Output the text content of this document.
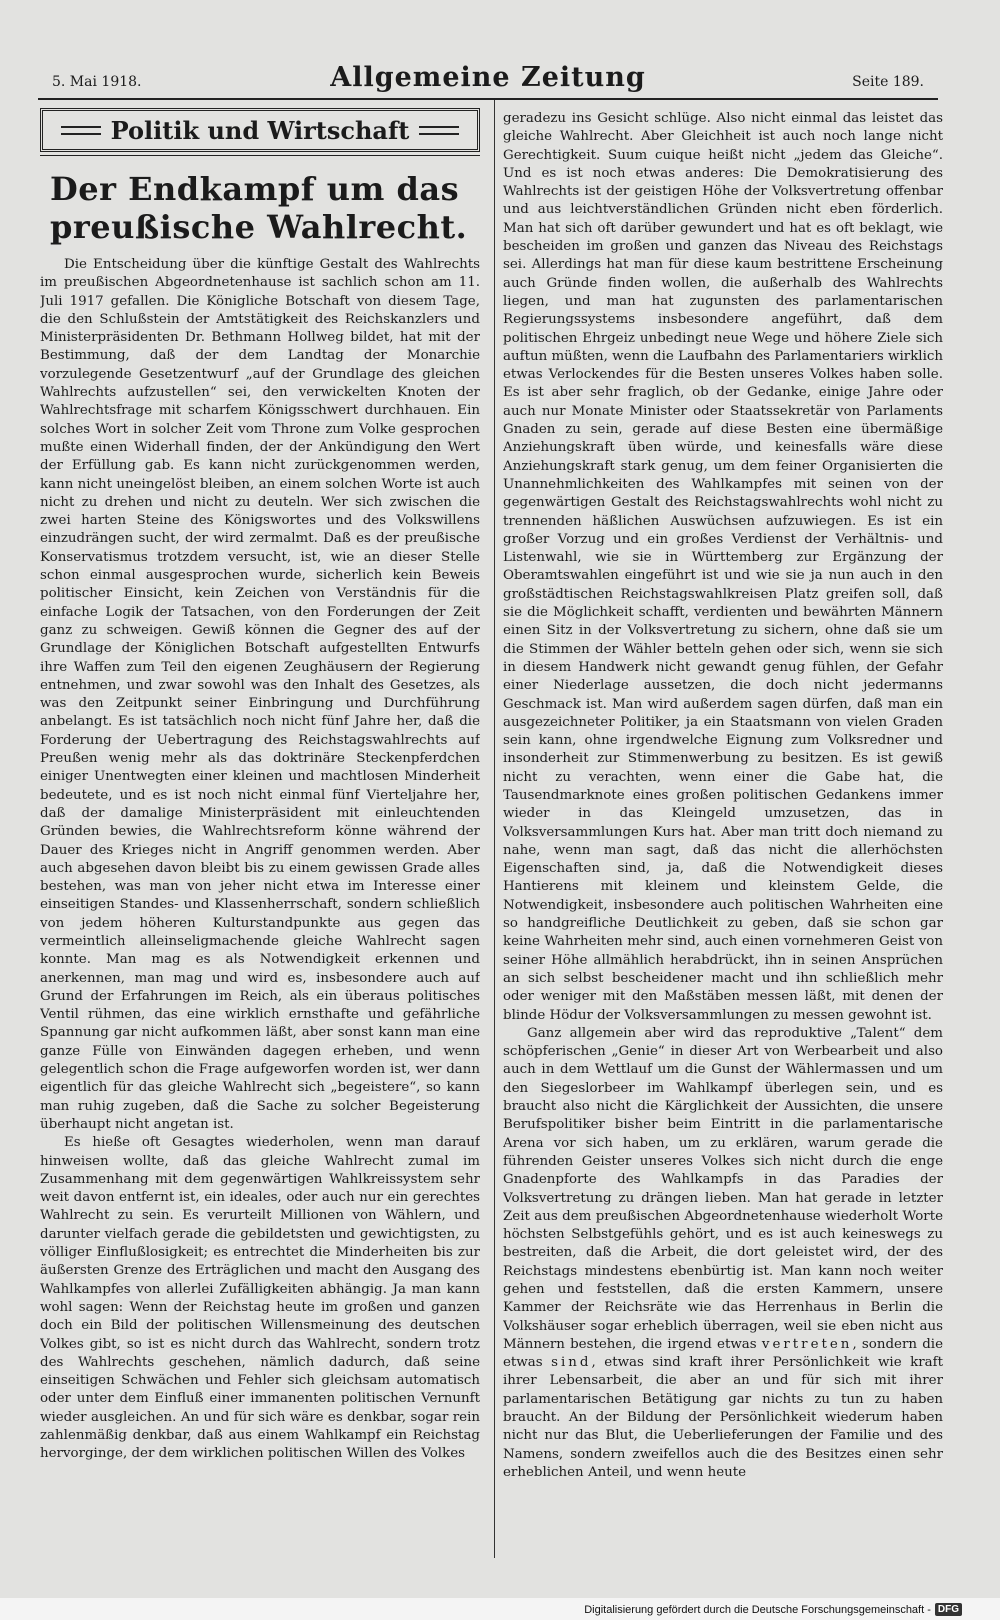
5. Mai 1918.	Allgemeine Zeitung	Seite 189.
Politik und Wirtschaft
Der Endkampf um das preußische Wahlrecht.

Die Entscheidung über die künftige Gestalt des Wahlrechts im preußischen Abgeordnetenhause ist sachlich schon am 11. Juli 1917 gefallen. Die Königliche Botschaft von diesem Tage, die den Schlußstein der Amtstätigkeit des Reichskanzlers und Ministerpräsidenten Dr. Bethmann Hollweg bildet, hat mit der Bestimmung, daß der dem Landtag der Monarchie vorzulegende Gesetzentwurf „auf der Grundlage des gleichen Wahlrechts aufzustellen“ sei, den verwickelten Knoten der Wahlrechtsfrage mit scharfem Königsschwert durchhauen. Ein solches Wort in solcher Zeit vom Throne zum Volke gesprochen mußte einen Widerhall finden, der der Ankündigung den Wert der Erfüllung gab. Es kann nicht zurückgenommen werden, kann nicht uneingelöst bleiben, an einem solchen Worte ist auch nicht zu drehen und nicht zu deuteln. Wer sich zwischen die zwei harten Steine des Königswortes und des Volkswillens einzudrängen sucht, der wird zermalmt. Daß es der preußische Konservatismus trotzdem versucht, ist, wie an dieser Stelle schon einmal ausgesprochen wurde, sicherlich kein Beweis politischer Einsicht, kein Zeichen von Verständnis für die einfache Logik der Tatsachen, von den Forderungen der Zeit ganz zu schweigen. Gewiß können die Gegner des auf der Grundlage der Königlichen Botschaft aufgestellten Entwurfs ihre Waffen zum Teil den eigenen Zeughäusern der Regierung entnehmen, und zwar sowohl was den Inhalt des Gesetzes, als was den Zeitpunkt seiner Einbringung und Durchführung anbelangt. Es ist tatsächlich noch nicht fünf Jahre her, daß die Forderung der Uebertragung des Reichstagswahlrechts auf Preußen wenig mehr als das doktrinäre Steckenpferdchen einiger Unentwegten einer kleinen und machtlosen Minderheit bedeutete, und es ist noch nicht einmal fünf Vierteljahre her, daß der damalige Ministerpräsident mit einleuchtenden Gründen bewies, die Wahlrechtsreform könne während der Dauer des Krieges nicht in Angriff genommen werden. Aber auch abgesehen davon bleibt bis zu einem gewissen Grade alles bestehen, was man von jeher nicht etwa im Interesse einer einseitigen Standes- und Klassenherrschaft, sondern schließlich von jedem höheren Kulturstandpunkte aus gegen das vermeintlich alleinseligmachende gleiche Wahlrecht sagen konnte. Man mag es als Notwendigkeit erkennen und anerkennen, man mag und wird es, insbesondere auch auf Grund der Erfahrungen im Reich, als ein überaus politisches Ventil rühmen, das eine wirklich ernsthafte und gefährliche Spannung gar nicht aufkommen läßt, aber sonst kann man eine ganze Fülle von Einwänden dagegen erheben, und wenn gelegentlich schon die Frage aufgeworfen worden ist, wer dann eigentlich für das gleiche Wahlrecht sich „begeistere“, so kann man ruhig zugeben, daß die Sache zu solcher Begeisterung überhaupt nicht angetan ist.

Es hieße oft Gesagtes wiederholen, wenn man darauf hinweisen wollte, daß das gleiche Wahlrecht zumal im Zusammenhang mit dem gegenwärtigen Wahlkreissystem sehr weit davon entfernt ist, ein ideales, oder auch nur ein gerechtes Wahlrecht zu sein. Es verurteilt Millionen von Wählern, und darunter vielfach gerade die gebildetsten und gewichtigsten, zu völliger Einflußlosigkeit; es entrechtet die Minderheiten bis zur äußersten Grenze des Erträglichen und macht den Ausgang des Wahlkampfes von allerlei Zufälligkeiten abhängig. Ja man kann wohl sagen: Wenn der Reichstag heute im großen und ganzen doch ein Bild der politischen Willensmeinung des deutschen Volkes gibt, so ist es nicht durch das Wahlrecht, sondern trotz des Wahlrechts geschehen, nämlich dadurch, daß seine einseitigen Schwächen und Fehler sich gleichsam automatisch oder unter dem Einfluß einer immanenten politischen Vernunft wieder ausgleichen. An und für sich wäre es denkbar, sogar rein zahlenmäßig denkbar, daß aus einem Wahlkampf ein Reichstag hervorginge, der dem wirklichen politischen Willen des Volkes

geradezu ins Gesicht schlüge. Also nicht einmal das leistet das gleiche Wahlrecht. Aber Gleichheit ist auch noch lange nicht Gerechtigkeit. Suum cuique heißt nicht „jedem das Gleiche“. Und es ist noch etwas anderes: Die Demokratisierung des Wahlrechts ist der geistigen Höhe der Volksvertretung offenbar und aus leichtverständlichen Gründen nicht eben förderlich. Man hat sich oft darüber gewundert und hat es oft beklagt, wie bescheiden im großen und ganzen das Niveau des Reichstags sei. Allerdings hat man für diese kaum bestrittene Erscheinung auch Gründe finden wollen, die außerhalb des Wahlrechts liegen, und man hat zugunsten des parlamentarischen Regierungssystems insbesondere angeführt, daß dem politischen Ehrgeiz unbedingt neue Wege und höhere Ziele sich auftun müßten, wenn die Laufbahn des Parlamentariers wirklich etwas Verlockendes für die Besten unseres Volkes haben solle. Es ist aber sehr fraglich, ob der Gedanke, einige Jahre oder auch nur Monate Minister oder Staatssekretär von Parlaments Gnaden zu sein, gerade auf diese Besten eine übermäßige Anziehungskraft üben würde, und keinesfalls wäre diese Anziehungskraft stark genug, um dem feiner Organisierten die Unannehmlichkeiten des Wahlkampfes mit seinen von der gegenwärtigen Gestalt des Reichstagswahlrechts wohl nicht zu trennenden häßlichen Auswüchsen aufzuwiegen. Es ist ein großer Vorzug und ein großes Verdienst der Verhältnis- und Listenwahl, wie sie in Württemberg zur Ergänzung der Oberamtswahlen eingeführt ist und wie sie ja nun auch in den großstädtischen Reichstagswahlkreisen Platz greifen soll, daß sie die Möglichkeit schafft, verdienten und bewährten Männern einen Sitz in der Volksvertretung zu sichern, ohne daß sie um die Stimmen der Wähler betteln gehen oder sich, wenn sie sich in diesem Handwerk nicht gewandt genug fühlen, der Gefahr einer Niederlage aussetzen, die doch nicht jedermanns Geschmack ist. Man wird außerdem sagen dürfen, daß man ein ausgezeichneter Politiker, ja ein Staatsmann von vielen Graden sein kann, ohne irgendwelche Eignung zum Volksredner und insonderheit zur Stimmenwerbung zu besitzen. Es ist gewiß nicht zu verachten, wenn einer die Gabe hat, die Tausendmarknote eines großen politischen Gedankens immer wieder in das Kleingeld umzusetzen, das in Volksversammlungen Kurs hat. Aber man tritt doch niemand zu nahe, wenn man sagt, daß das nicht die allerhöchsten Eigenschaften sind, ja, daß die Notwendigkeit dieses Hantierens mit kleinem und kleinstem Gelde, die Notwendigkeit, insbesondere auch politischen Wahrheiten eine so handgreifliche Deutlichkeit zu geben, daß sie schon gar keine Wahrheiten mehr sind, auch einen vornehmeren Geist von seiner Höhe allmählich herabdrückt, ihn in seinen Ansprüchen an sich selbst bescheidener macht und ihn schließlich mehr oder weniger mit den Maßstäben messen läßt, mit denen der blinde Hödur der Volksversammlungen zu messen gewohnt ist.

Ganz allgemein aber wird das reproduktive „Talent“ dem schöpferischen „Genie“ in dieser Art von Werbearbeit und also auch in dem Wettlauf um die Gunst der Wählermassen und um den Siegeslorbeer im Wahlkampf überlegen sein, und es braucht also nicht die Kärglichkeit der Aussichten, die unsere Berufspolitiker bisher beim Eintritt in die parlamentarische Arena vor sich haben, um zu erklären, warum gerade die führenden Geister unseres Volkes sich nicht durch die enge Gnadenpforte des Wahlkampfs in das Paradies der Volksvertretung zu drängen lieben. Man hat gerade in letzter Zeit aus dem preußischen Abgeordnetenhause wiederholt Worte höchsten Selbstgefühls gehört, und es ist auch keineswegs zu bestreiten, daß die Arbeit, die dort geleistet wird, der des Reichstags mindestens ebenbürtig ist. Man kann noch weiter gehen und feststellen, daß die ersten Kammern, unsere Kammer der Reichsräte wie das Herrenhaus in Berlin die Volkshäuser sogar erheblich überragen, weil sie eben nicht aus Männern bestehen, die irgend etwas vertreten, sondern die etwas sind, etwas sind kraft ihrer Persönlichkeit wie kraft ihrer Lebensarbeit, die aber an und für sich mit ihrer parlamentarischen Betätigung gar nichts zu tun zu haben braucht. An der Bildung der Persönlichkeit wiederum haben nicht nur das Blut, die Ueberlieferungen der Familie und des Namens, sondern zweifellos auch die des Besitzes einen sehr erheblichen Anteil, und wenn heute

Digitalisierung gefördert durch die Deutsche Forschungsgemeinschaft - DFG
